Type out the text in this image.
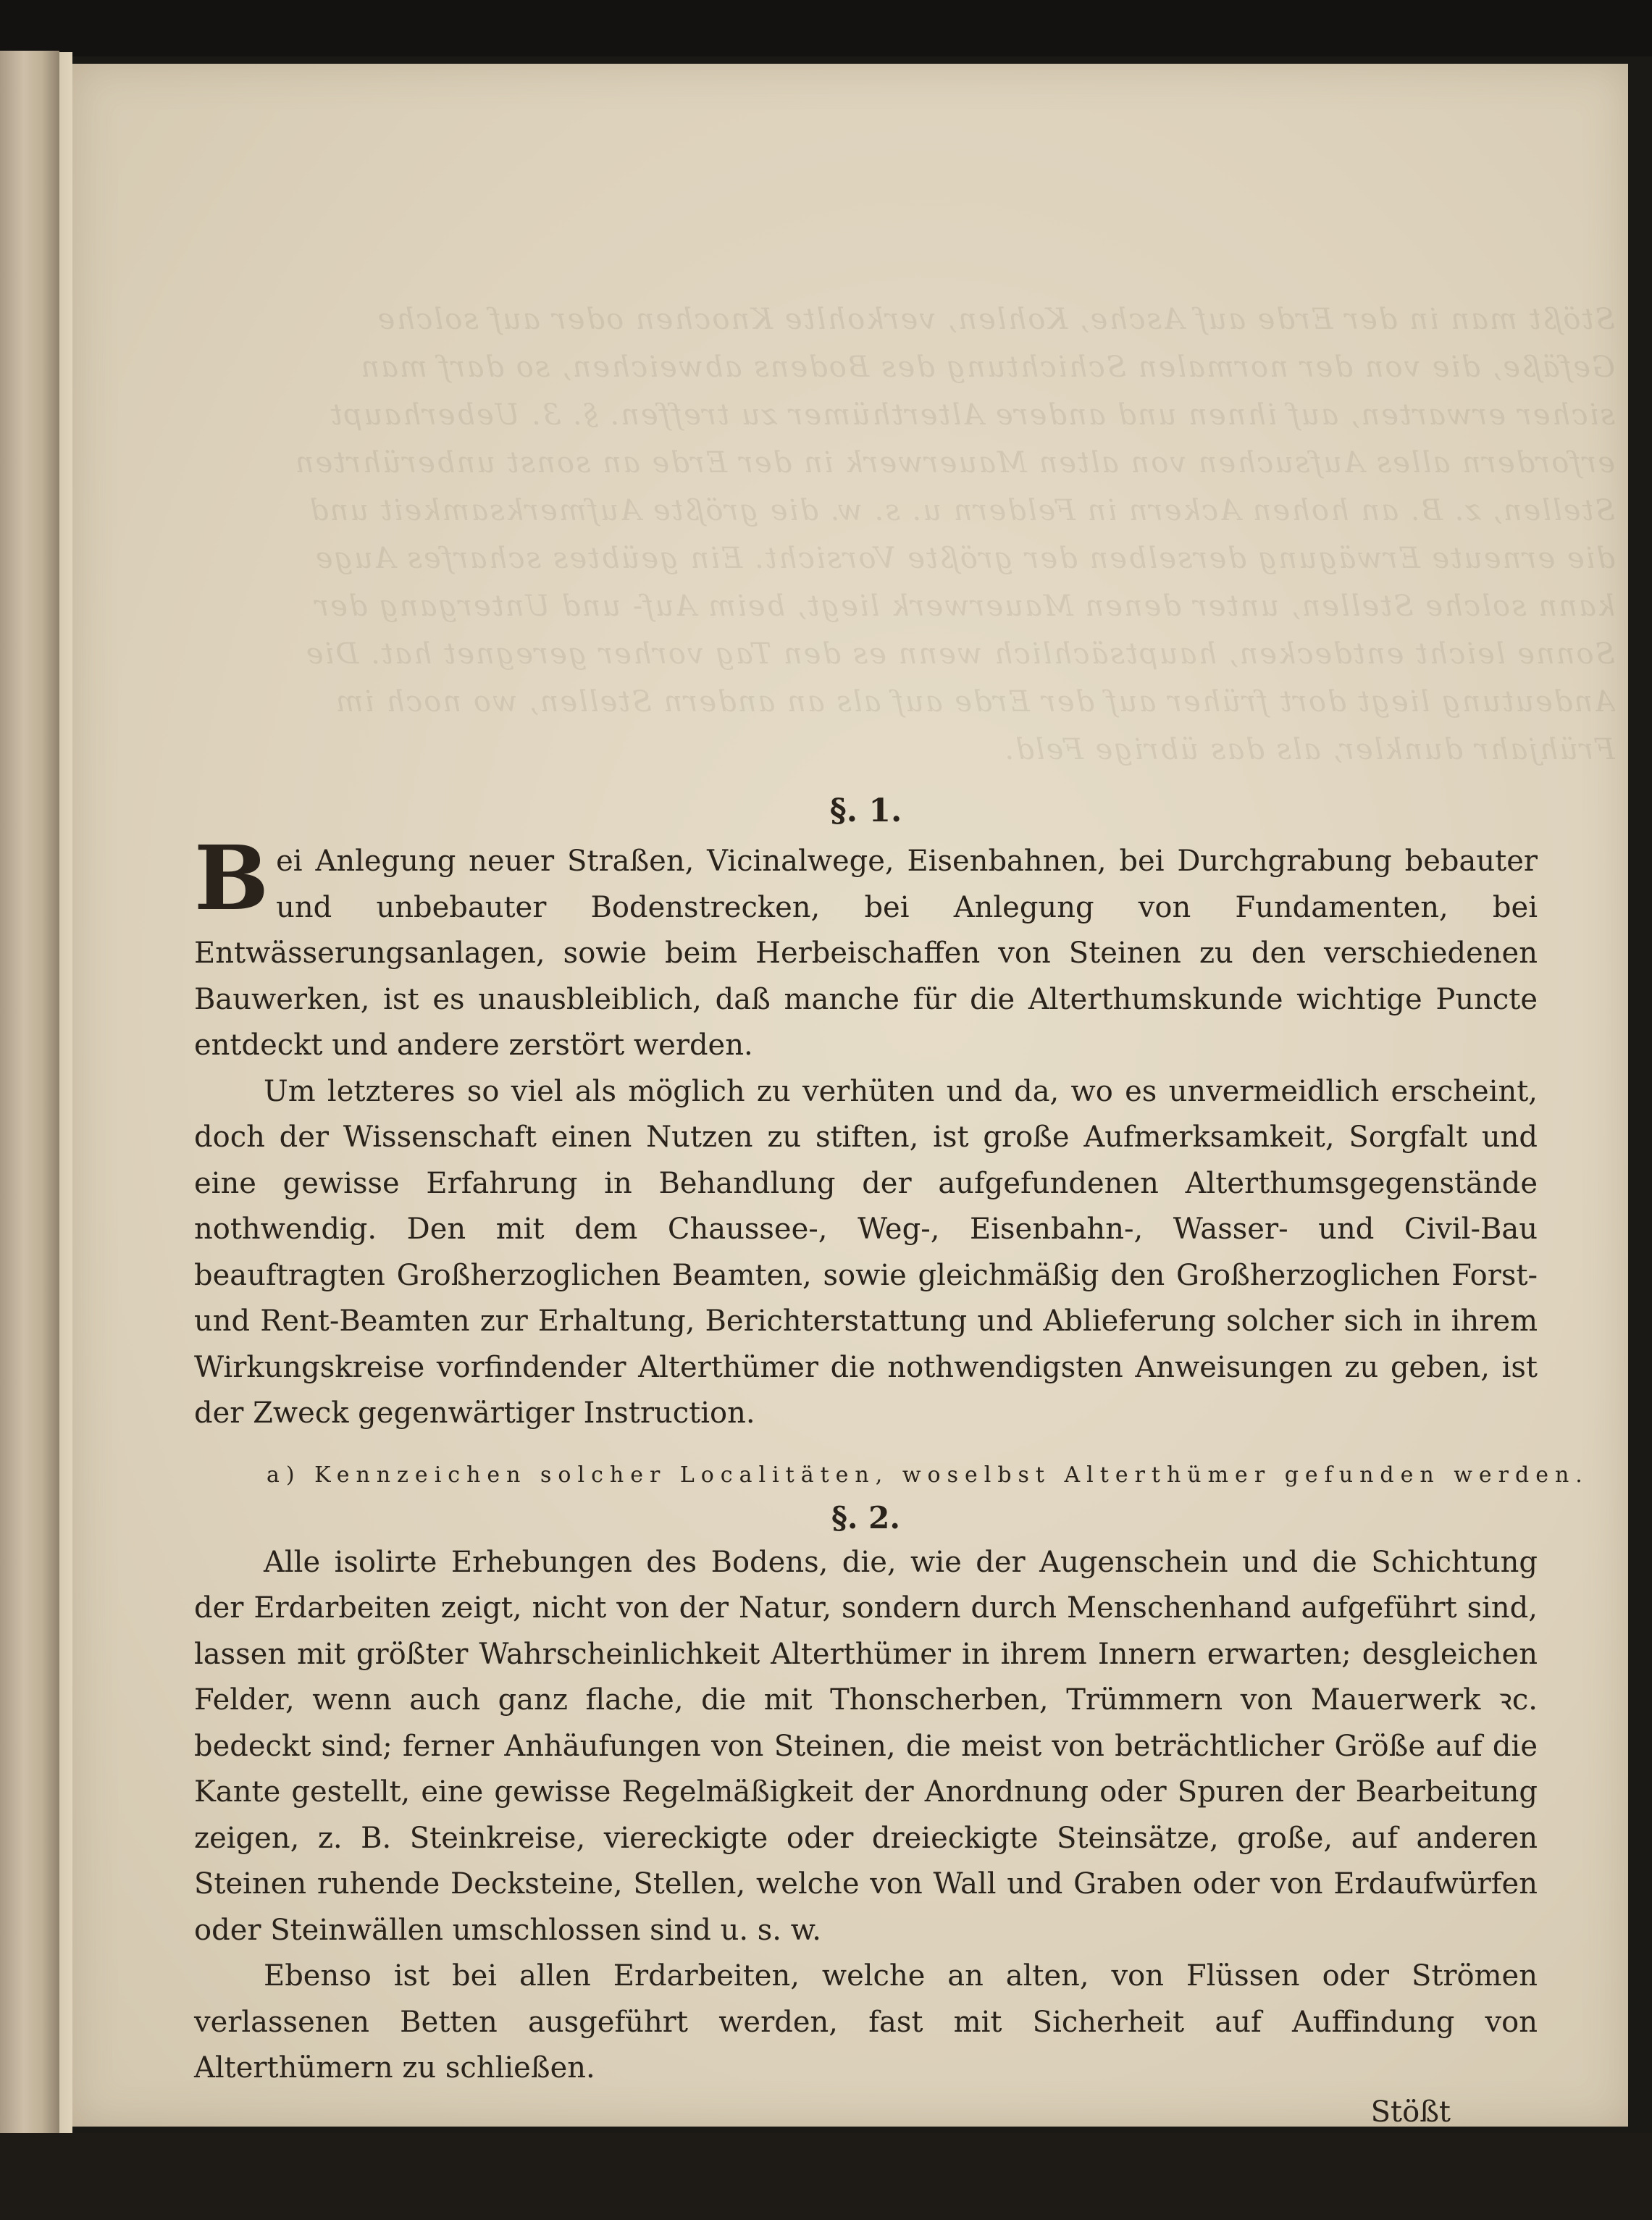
Stößt man in der Erde auf Asche, Kohlen, verkohlte Knochen oder auf solche Gefäße, die von der normalen Schichtung des Bodens abweichen, so darf man sicher erwarten, auf ihnen und andere Alterthümer zu treffen. §. 3. Ueberhaupt erfordern alles Aufsuchen von alten Mauerwerk in der Erde an sonst unberührten Stellen, z. B. an hohen Ackern in Feldern u. s. w. die größte Aufmerksamkeit und die erneute Erwägung derselben der größte Vorsicht. Ein geübtes scharfes Auge kann solche Stellen, unter denen Mauerwerk liegt, beim Auf- und Untergang der Sonne leicht entdecken, hauptsächlich wenn es den Tag vorher geregnet hat. Die Andeutung liegt dort früher auf der Erde auf als an andern Stellen, wo noch im Frühjahr dunkler, als das übrige Feld.
§. 1.

Bei Anlegung neuer Straßen, Vicinalwege, Eisenbahnen, bei Durchgrabung bebauter und unbebauter Bodenstrecken, bei Anlegung von Fundamenten, bei Entwässerungsanlagen, sowie beim Herbeischaffen von Steinen zu den verschiedenen Bauwerken, ist es unausbleiblich, daß manche für die Alterthumskunde wichtige Puncte entdeckt und andere zerstört werden.

Um letzteres so viel als möglich zu verhüten und da, wo es unvermeidlich erscheint, doch der Wissenschaft einen Nutzen zu stiften, ist große Aufmerksamkeit, Sorgfalt und eine gewisse Erfahrung in Behandlung der aufgefundenen Alterthumsgegenstände nothwendig. Den mit dem Chaussee-, Weg-, Eisenbahn-, Wasser- und Civil-Bau beauftragten Großherzoglichen Beamten, sowie gleichmäßig den Großherzoglichen Forst- und Rent-Beamten zur Erhaltung, Berichterstattung und Ablieferung solcher sich in ihrem Wirkungskreise vorfindender Alterthümer die nothwendigsten Anweisungen zu geben, ist der Zweck gegenwärtiger Instruction.

a) Kennzeichen solcher Localitäten, woselbst Alterthümer gefunden werden.
§. 2.

Alle isolirte Erhebungen des Bodens, die, wie der Augenschein und die Schichtung der Erdarbeiten zeigt, nicht von der Natur, sondern durch Menschenhand aufgeführt sind, lassen mit größter Wahrscheinlichkeit Alterthümer in ihrem Innern erwarten; desgleichen Felder, wenn auch ganz flache, die mit Thonscherben, Trümmern von Mauerwerk ꝛc. bedeckt sind; ferner Anhäufungen von Steinen, die meist von beträchtlicher Größe auf die Kante gestellt, eine gewisse Regelmäßigkeit der Anordnung oder Spuren der Bearbeitung zeigen, z. B. Steinkreise, viereckigte oder dreieckigte Steinsätze, große, auf anderen Steinen ruhende Decksteine, Stellen, welche von Wall und Graben oder von Erdaufwürfen oder Steinwällen umschlossen sind u. s. w.

Ebenso ist bei allen Erdarbeiten, welche an alten, von Flüssen oder Strömen verlassenen Betten ausgeführt werden, fast mit Sicherheit auf Auffindung von Alterthümern zu schließen.

Stößt
